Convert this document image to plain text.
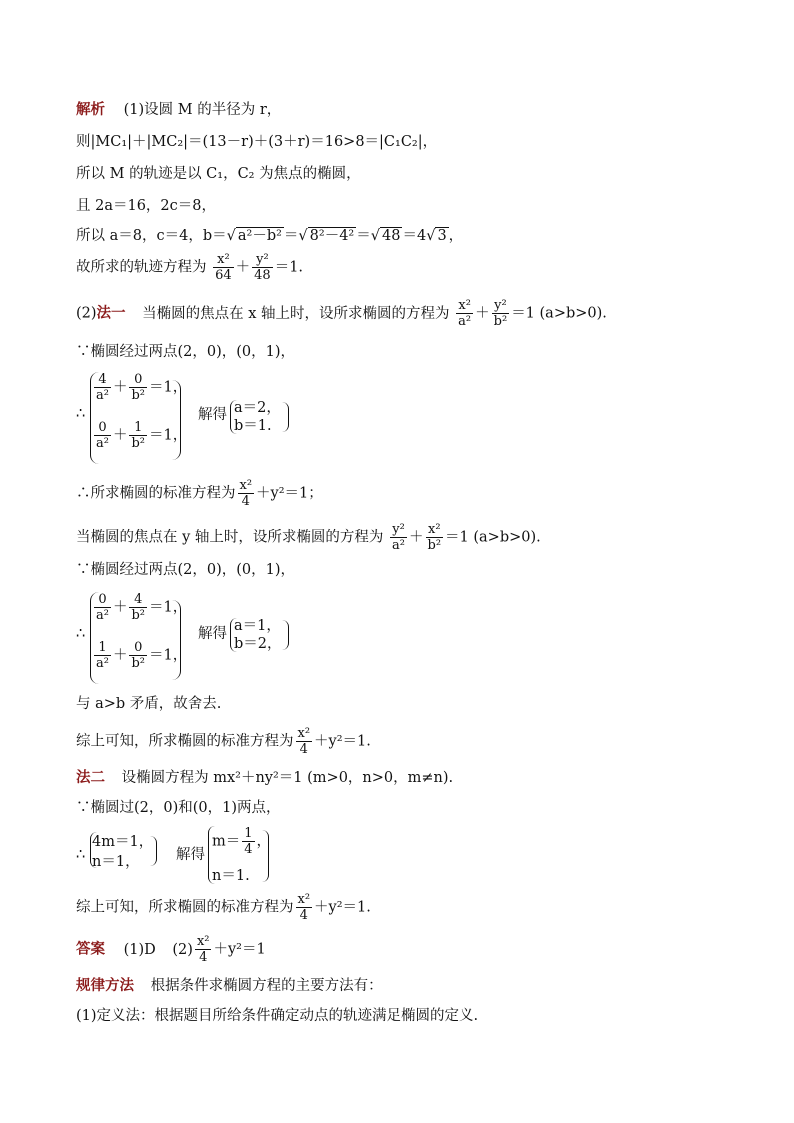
解析 (1)设圆 M 的半径为 r，
则|MC₁|＋|MC₂|＝(13－r)＋(3＋r)＝16>8＝|C₁C₂|，
所以 M 的轨迹是以 C₁，C₂ 为焦点的椭圆，
且 2a＝16，2c＝8，
所以 a＝8，c＝4，b＝√ a²－b² ＝√ 8²－4² ＝√ 48 ＝4√ 3 ，
故所求的轨迹方程为 $\frac{\text{x²}}{64} + \frac{\text{y²}}{48} =1$.
(2)法一 当椭圆的焦点在 x 轴上时，设所求椭圆的方程为 $\frac{\text{x²}}{\text{a²}} + \frac{\text{y²}}{\text{b²}} =1$ (a>b>0).
∵椭圆经过两点(2，0)，(0，1)，
∴
$\frac{4}{\text{a²}} + \frac{0}{\text{b²}} =1$，
$\frac{0}{\text{a²}} + \frac{1}{\text{b²}} =1$，
解得 a＝2，
b＝1.
∴所求椭圆的标准方程为 $\frac{\text{x²}}{4} +y^2=1$；
当椭圆的焦点在 y 轴上时，设所求椭圆的方程为 $\frac{\text{y²}}{\text{a²}} + \frac{\text{x²}}{\text{b²}} =1$ (a>b>0).
∵椭圆经过两点(2，0)，(0，1)，
∴
$\frac{0}{\text{a²}} + \frac{4}{\text{b²}} =1$，
$\frac{1}{\text{a²}} + \frac{0}{\text{b²}} =1$，
解得 a＝1，
b＝2，
与 a>b 矛盾，故舍去.
综上可知，所求椭圆的标准方程为 $\frac{\text{x²}}{4} +y^2=1$.
法二 设椭圆方程为 mx²＋ny²＝1 (m>0，n>0，m≠n).
∵椭圆过(2，0)和(0，1)两点，
∴
4m＝1，
n＝1，	解得
$m= \frac{1}{4}$ ，
n＝1.
综上可知，所求椭圆的标准方程为 $\frac{\text{x²}}{4} +y^2=1$.
答案 (1)D $(2) \frac{\text{x²}}{4} +y^2=1$
规律方法 根据条件求椭圆方程的主要方法有：
(1)定义法：根据题目所给条件确定动点的轨迹满足椭圆的定义.
